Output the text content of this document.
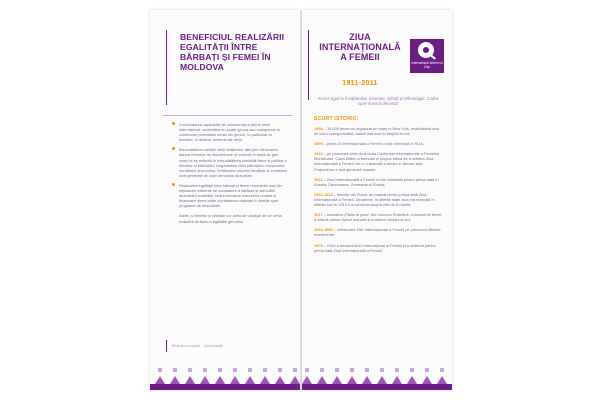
BENEFICIUL REALIZĂRII EGALITĂȚII ÎNTRE BĂRBAȚI ȘI FEMEI ÎN MOLDOVA

Consolidarea capacității de concurență a țării la nivel internațional: societatea nu poate ignora sau subaprecia în continuare potențialul uman din genuri, în particular al femeilor, în diverse domenii ale vieții;

Îmbunătățirea calității vieții cetățenilor țării prin eliminarea tuturor formelor de discriminare și violență în bază de gen, ceea ce se reflectă în îmbunătățirea sănătății fizice și psihice a femeilor și bărbaților, longevitatea vieții bărbaților; micșorarea numărului divorțurilor, fortificarea valorilor familiale și creșterea unei generații de copii armonios dezvoltați;

Realizarea egalității între bărbați și femei reprezintă unul din mijloacele eficiente de combatere a sărăciei și stimulării dezvoltării societății: redirecționarea resurselor umane și financiare direct către combaterea violenței în familie spre programe de dezvoltare.

Astfel, și femeile și bărbații vor avea de câștigat de pe urma realizării de facto a egalității genurilor.

Realizat cu suportul ... (text nelizibil)
ZIUA INTERNAȚIONALĂ A FEMEII
1911-2011
International Women's Day
Acces egal la învățământ, instruire, știință și tehnologie: Calea spre muncă decentă
SCURT ISTORIC:

1908 – 15 000 femei au organizat un marș în New York, revindicând orar de lucru corespunzător, salarii mai mari și dreptul la vot;

1909 – prima Zi Internațională a Femeii a fost celebrată în SUA;

1910 – pe parcursul celei de-a doua Conferințe Internaționale a Femeilor Muncitoare, Clara Zetkin a formulat și propus ideea de a celebra Ziua Internațională a Femeii într-o zi anumită a anului în fiecare stat. Propunerea a fost aprobată unanim;

1911 – Ziua Internațională a Femeii a fost celebrată pentru prima dată în Austria, Danemarca, Germania și Elveția;

1913-1914 – femeile din Rusia, au marcat pentru prima dată Ziua Internațională a Femeii. Deoarece, în diferite state ziua era marcată în diferite luni în 1913 s-a convenit asupra zilei de 8 martie;

1917 – mișcarea „Pâine și pace” din Uniunea Sovietică, condusă de femei a criticat primul război mondial și a obținut dreptul la vot;

1918-1999 – celebrarea Zilei Internaționale a Femeii pe parcursul diferitor evenimente;

1975 – ONU a declarat Anul Internațional al Femeii și a celebrat pentru prima dată Ziua Internațională a Femeii.
